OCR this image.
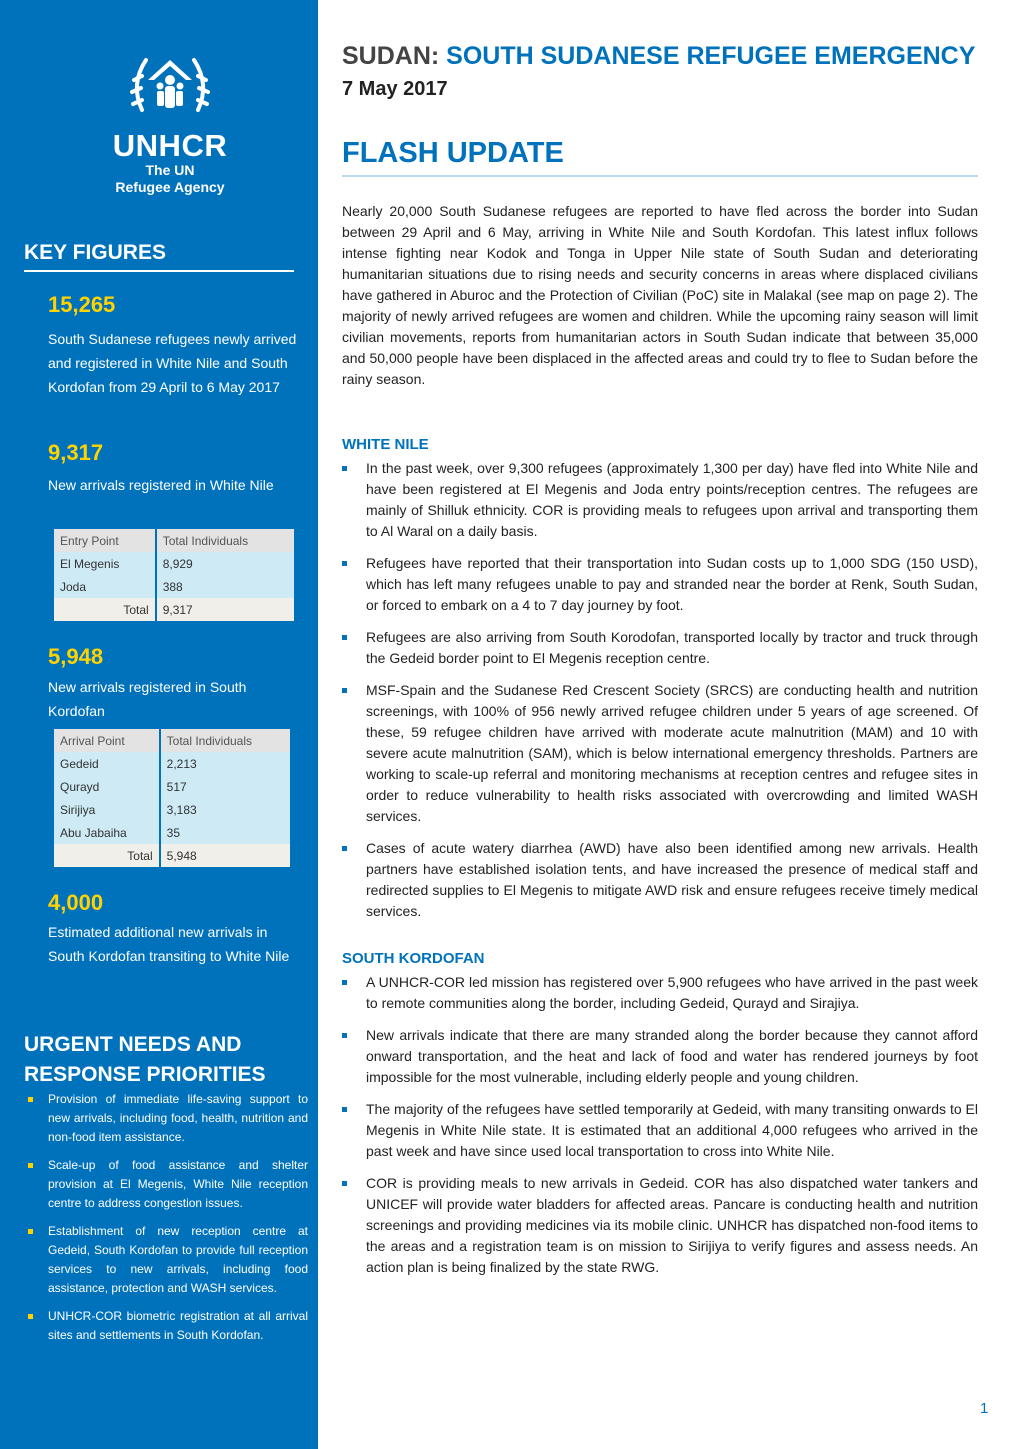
UNHCR
The UN
Refugee Agency
KEY FIGURES
15,265
South Sudanese refugees newly arrived and registered in White Nile and South Kordofan from 29 April to 6 May 2017
9,317
New arrivals registered in White Nile
Entry Point	Total Individuals
El Megenis	8,929
Joda	388
Total	9,317
5,948
New arrivals registered in South Kordofan
Arrival Point	Total Individuals
Gedeid	2,213
Qurayd	517
Sirijiya	3,183
Abu Jabaiha	35
Total	5,948
4,000
Estimated additional new arrivals in South Kordofan transiting to White Nile
URGENT NEEDS AND
RESPONSE PRIORITIES
Provision of immediate life-saving support to new arrivals, including food, health, nutrition and non-food item assistance.
Scale-up of food assistance and shelter provision at El Megenis, White Nile reception centre to address congestion issues.
Establishment of new reception centre at Gedeid, South Kordofan to provide full reception services to new arrivals, including food assistance, protection and WASH services.
UNHCR-COR biometric registration at all arrival sites and settlements in South Kordofan.
SUDAN: SOUTH SUDANESE REFUGEE EMERGENCY
7 May 2017
FLASH UPDATE

Nearly 20,000 South Sudanese refugees are reported to have fled across the border into Sudan between 29 April and 6 May, arriving in White Nile and South Kordofan. This latest influx follows intense fighting near Kodok and Tonga in Upper Nile state of South Sudan and deteriorating humanitarian situations due to rising needs and security concerns in areas where displaced civilians have gathered in Aburoc and the Protection of Civilian (PoC) site in Malakal (see map on page 2). The majority of newly arrived refugees are women and children. While the upcoming rainy season will limit civilian movements, reports from humanitarian actors in South Sudan indicate that between 35,000 and 50,000 people have been displaced in the affected areas and could try to flee to Sudan before the rainy season.

WHITE NILE
In the past week, over 9,300 refugees (approximately 1,300 per day) have fled into White Nile and have been registered at El Megenis and Joda entry points/reception centres. The refugees are mainly of Shilluk ethnicity. COR is providing meals to refugees upon arrival and transporting them to Al Waral on a daily basis.
Refugees have reported that their transportation into Sudan costs up to 1,000 SDG (150 USD), which has left many refugees unable to pay and stranded near the border at Renk, South Sudan, or forced to embark on a 4 to 7 day journey by foot.
Refugees are also arriving from South Korodofan, transported locally by tractor and truck through the Gedeid border point to El Megenis reception centre.
MSF-Spain and the Sudanese Red Crescent Society (SRCS) are conducting health and nutrition screenings, with 100% of 956 newly arrived refugee children under 5 years of age screened. Of these, 59 refugee children have arrived with moderate acute malnutrition (MAM) and 10 with severe acute malnutrition (SAM), which is below international emergency thresholds. Partners are working to scale-up referral and monitoring mechanisms at reception centres and refugee sites in order to reduce vulnerability to health risks associated with overcrowding and limited WASH services.
Cases of acute watery diarrhea (AWD) have also been identified among new arrivals. Health partners have established isolation tents, and have increased the presence of medical staff and redirected supplies to El Megenis to mitigate AWD risk and ensure refugees receive timely medical services.
SOUTH KORDOFAN
A UNHCR-COR led mission has registered over 5,900 refugees who have arrived in the past week to remote communities along the border, including Gedeid, Qurayd and Sirajiya.
New arrivals indicate that there are many stranded along the border because they cannot afford onward transportation, and the heat and lack of food and water has rendered journeys by foot impossible for the most vulnerable, including elderly people and young children.
The majority of the refugees have settled temporarily at Gedeid, with many transiting onwards to El Megenis in White Nile state. It is estimated that an additional 4,000 refugees who arrived in the past week and have since used local transportation to cross into White Nile.
COR is providing meals to new arrivals in Gedeid. COR has also dispatched water tankers and UNICEF will provide water bladders for affected areas. Pancare is conducting health and nutrition screenings and providing medicines via its mobile clinic. UNHCR has dispatched non-food items to the areas and a registration team is on mission to Sirijiya to verify figures and assess needs. An action plan is being finalized by the state RWG.
1
